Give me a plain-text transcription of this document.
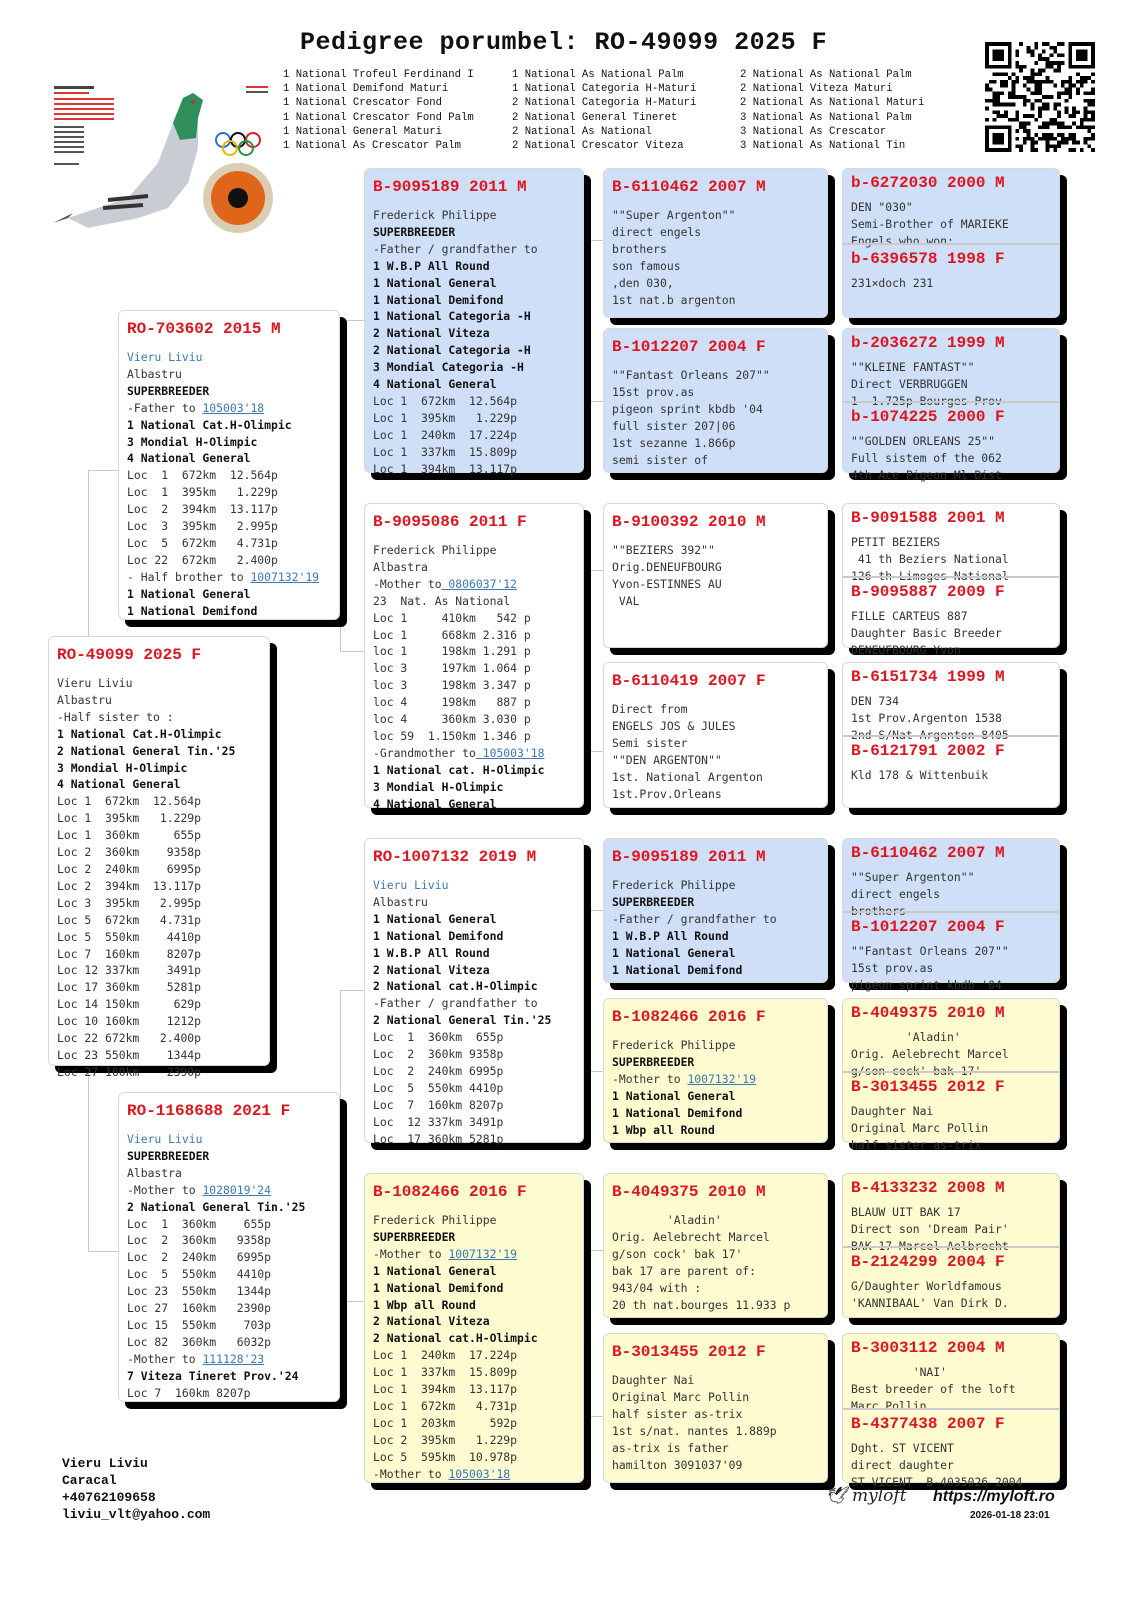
Pedigree porumbel: RO-49099 2025 F
1 National Trofeul Ferdinand I
1 National Demifond Maturi
1 National Crescator Fond
1 National Crescator Fond Palm
1 National General Maturi
1 National As Crescator Palm
1 National As National Palm
1 National Categoria H-Maturi
2 National Categoria H-Maturi
2 National General Tineret
2 National As National
2 National Crescator Viteza
2 National As National Palm
2 National Viteza Maturi
2 National As National Maturi
3 National As National Palm
3 National As Crescator
3 National As National Tin
RO-49099 2025 F
Vieru Liviu
Albastru
-Half sister to :
1 National Cat.H-Olimpic
2 National General Tin.'25
3 Mondial H-Olimpic
4 National General
Loc 1  672km  12.564p
Loc 1  395km   1.229p
Loc 1  360km     655p
Loc 2  360km    9358p
Loc 2  240km    6995p
Loc 2  394km  13.117p
Loc 3  395km   2.995p
Loc 5  672km   4.731p
Loc 5  550km    4410p
Loc 7  160km    8207p
Loc 12 337km    3491p
Loc 17 360km    5281p
Loc 14 150km     629p
Loc 10 160km    1212p
Loc 22 672km   2.400p
Loc 23 550km    1344p
Loc 27 160km    2390p
RO-703602 2015 M
Vieru Liviu
Albastru
SUPERBREEDER
-Father to 105003'18
1 National Cat.H-Olimpic
3 Mondial H-Olimpic
4 National General
Loc  1  672km  12.564p
Loc  1  395km   1.229p
Loc  2  394km  13.117p
Loc  3  395km   2.995p
Loc  5  672km   4.731p
Loc 22  672km   2.400p
- Half brother to 1007132'19
1 National General
1 National Demifond
RO-1168688 2021 F
Vieru Liviu
SUPERBREEDER
Albastra
-Mother to 1028019'24
2 National General Tin.'25
Loc  1  360km    655p
Loc  2  360km   9358p
Loc  2  240km   6995p
Loc  5  550km   4410p
Loc 23  550km   1344p
Loc 27  160km   2390p
Loc 15  550km    703p
Loc 82  360km   6032p
-Mother to 111128'23
7 Viteza Tineret Prov.'24
Loc 7  160km 8207p
B-9095189 2011 M
Frederick Philippe
SUPERBREEDER
-Father / grandfather to
1 W.B.P All Round
1 National General
1 National Demifond
1 National Categoria -H
2 National Viteza
2 National Categoria -H
3 Mondial Categoria -H
4 National General
Loc 1  672km  12.564p
Loc 1  395km   1.229p
Loc 1  240km  17.224p
Loc 1  337km  15.809p
Loc 1  394km  13.117p
B-9095086 2011 F
Frederick Philippe
Albastra
-Mother to 0806037'12
23  Nat. As National
Loc 1     410km   542 p
Loc 1     668km 2.316 p
loc 1     198km 1.291 p
loc 3     197km 1.064 p
loc 3     198km 3.347 p
loc 4     198km   887 p
loc 4     360km 3.030 p
loc 59  1.150km 1.346 p
-Grandmother to 105003'18
1 National cat. H-Olimpic
3 Mondial H-Olimpic
4 National General
RO-1007132 2019 M
Vieru Liviu
Albastru
1 National General
1 National Demifond
1 W.B.P All Round
2 National Viteza
2 National cat.H-Olimpic
-Father / grandfather to
2 National General Tin.'25
Loc  1  360km  655p
Loc  2  360km 9358p
Loc  2  240km 6995p
Loc  5  550km 4410p
Loc  7  160km 8207p
Loc  12 337km 3491p
Loc  17 360km 5281p
B-1082466 2016 F
Frederick Philippe
SUPERBREEDER
-Mother to 1007132'19
1 National General
1 National Demifond
1 Wbp all Round
2 National Viteza
2 National cat.H-Olimpic
Loc 1  240km  17.224p
Loc 1  337km  15.809p
Loc 1  394km  13.117p
Loc 1  672km   4.731p
Loc 1  203km     592p
Loc 2  395km   1.229p
Loc 5  595km  10.978p
-Mother to 105003'18
B-6110462 2007 M
""Super Argenton""
direct engels
brothers
son famous
,den 030,
1st nat.b argenton
B-1012207 2004 F
""Fantast Orleans 207""
15st prov.as
pigeon sprint kbdb '04
full sister 207|06
1st sezanne 1.866p
semi sister of
B-9100392 2010 M
""BEZIERS 392""
Orig.DENEUFBOURG
Yvon-ESTINNES AU
VAL
B-6110419 2007 F
Direct from
ENGELS JOS & JULES
Semi sister
""DEN ARGENTON""
1st. National Argenton
1st.Prov.Orleans
B-9095189 2011 M
Frederick Philippe
SUPERBREEDER
-Father / grandfather to
1 W.B.P All Round
1 National General
1 National Demifond
B-1082466 2016 F
Frederick Philippe
SUPERBREEDER
-Mother to 1007132'19
1 National General
1 National Demifond
1 Wbp all Round
B-4049375 2010 M
'Aladin'
Orig. Aelebrecht Marcel
g/son cock' bak 17'
bak 17 are parent of:
943/04 with :
20 th nat.bourges 11.933 p
B-3013455 2012 F
Daughter Nai
Original Marc Pollin
half sister as-trix
1st s/nat. nantes 1.889p
as-trix is father
hamilton 3091037'09
b-6272030 2000 M
DEN "030"
Semi-Brother of MARIEKE
Engels who won:
b-6396578 1998 F
231×doch 231
b-2036272 1999 M
""KLEINE FANTAST""
Direct VERBRUGGEN
1  1.725p Bourges Prov
b-1074225 2000 F
""GOLDEN ORLEANS 25""
Full sistem of the 062
4th Ace Pigeon Ml Dist
B-9091588 2001 M
PETIT BEZIERS
41 th Beziers National
126 th Limoges National
B-9095887 2009 F
FILLE CARTEUS 887
Daughter Basic Breeder
DENEUFBOURG Yvon
B-6151734 1999 M
DEN 734
1st Prov.Argenton 1538
2nd S/Nat Argenton 8405
B-6121791 2002 F
Kld 178 & Wittenbuik
B-6110462 2007 M
""Super Argenton""
direct engels
brothers
B-1012207 2004 F
""Fantast Orleans 207""
15st prov.as
pigeon sprint kbdb '04
B-4049375 2010 M
'Aladin'
Orig. Aelebrecht Marcel
g/son cock' bak 17'
B-3013455 2012 F
Daughter Nai
Original Marc Pollin
half sister as-trix
B-4133232 2008 M
BLAUW UIT BAK 17
Direct son 'Dream Pair'
BAK 17 Marcel Aelbrecht
B-2124299 2004 F
G/Daughter Worldfamous
'KANNIBAAL' Van Dirk D.
B-3003112 2004 M
'NAI'
Best breeder of the loft
Marc Pollin
B-4377438 2007 F
Dght. ST VICENT
direct daughter
ST VICENT  B-4035026 2004
Vieru Liviu
Caracal
+40762109658
liviu_vlt@yahoo.com
🕊 myloft https://myloft.ro
2026-01-18 23:01
